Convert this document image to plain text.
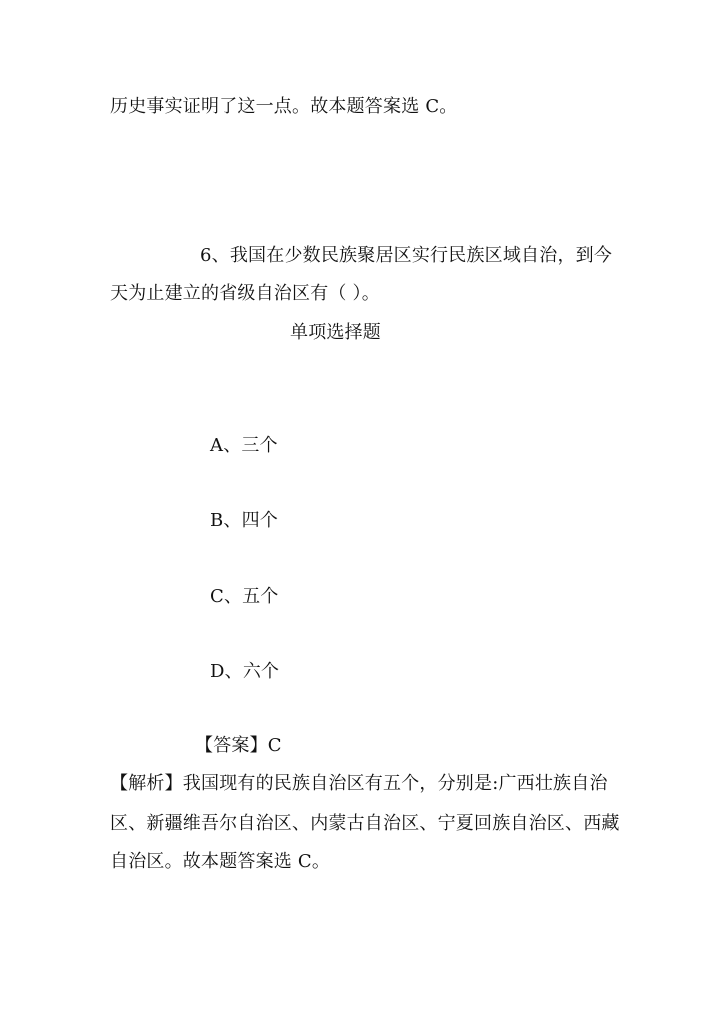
历史事实证明了这一点。故本题答案选 C。
6、我国在少数民族聚居区实行民族区域自治，到今
天为止建立的省级自治区有（ ）。
单项选择题
A、三个
B、四个
C、五个
D、六个
【答案】C
【解析】我国现有的民族自治区有五个，分别是:广西壮族自治
区、新疆维吾尔自治区、内蒙古自治区、宁夏回族自治区、西藏
自治区。故本题答案选 C。
